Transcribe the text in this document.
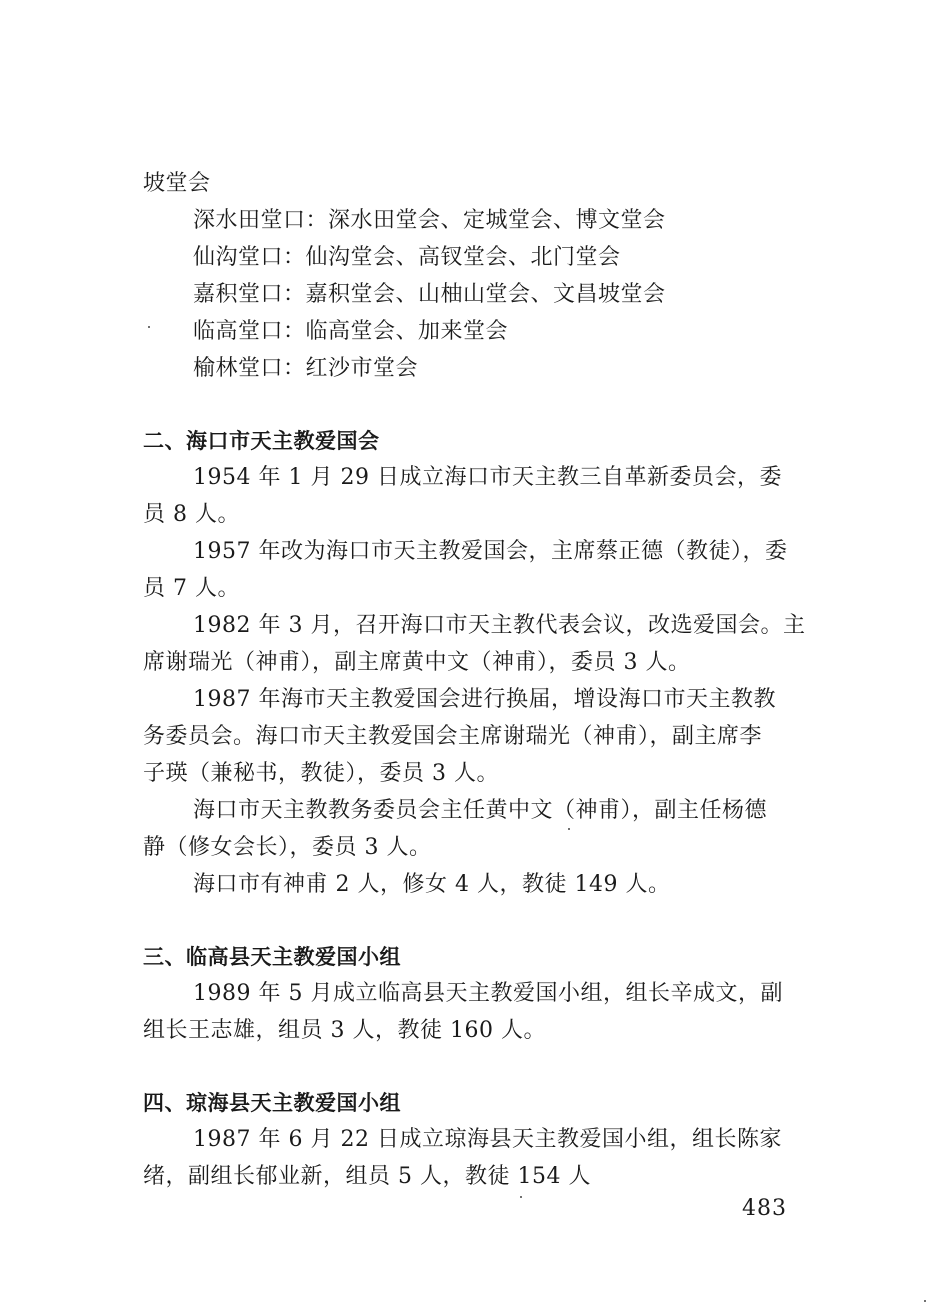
坡堂会
深水田堂口：深水田堂会、定城堂会、博文堂会
仙沟堂口：仙沟堂会、高钗堂会、北门堂会
嘉积堂口：嘉积堂会、山柚山堂会、文昌坡堂会
临高堂口：临高堂会、加来堂会
榆林堂口：红沙市堂会
二、海口市天主教爱国会
1954 年 1 月 29 日成立海口市天主教三自革新委员会，委
员 8 人。
1957 年改为海口市天主教爱国会，主席蔡正德（教徒），委
员 7 人。
1982 年 3 月，召开海口市天主教代表会议，改选爱国会。主
席谢瑞光（神甫），副主席黄中文（神甫），委员 3 人。
1987 年海市天主教爱国会进行换届，增设海口市天主教教
务委员会。海口市天主教爱国会主席谢瑞光（神甫），副主席李
子瑛（兼秘书，教徒），委员 3 人。
海口市天主教教务委员会主任黄中文（神甫），副主任杨德
静（修女会长），委员 3 人。
海口市有神甫 2 人，修女 4 人，教徒 149 人。
三、临高县天主教爱国小组
1989 年 5 月成立临高县天主教爱国小组，组长辛成文，副
组长王志雄，组员 3 人，教徒 160 人。
四、琼海县天主教爱国小组
1987 年 6 月 22 日成立琼海县天主教爱国小组，组长陈家
绪，副组长郁业新，组员 5 人，教徒 154 人
483
